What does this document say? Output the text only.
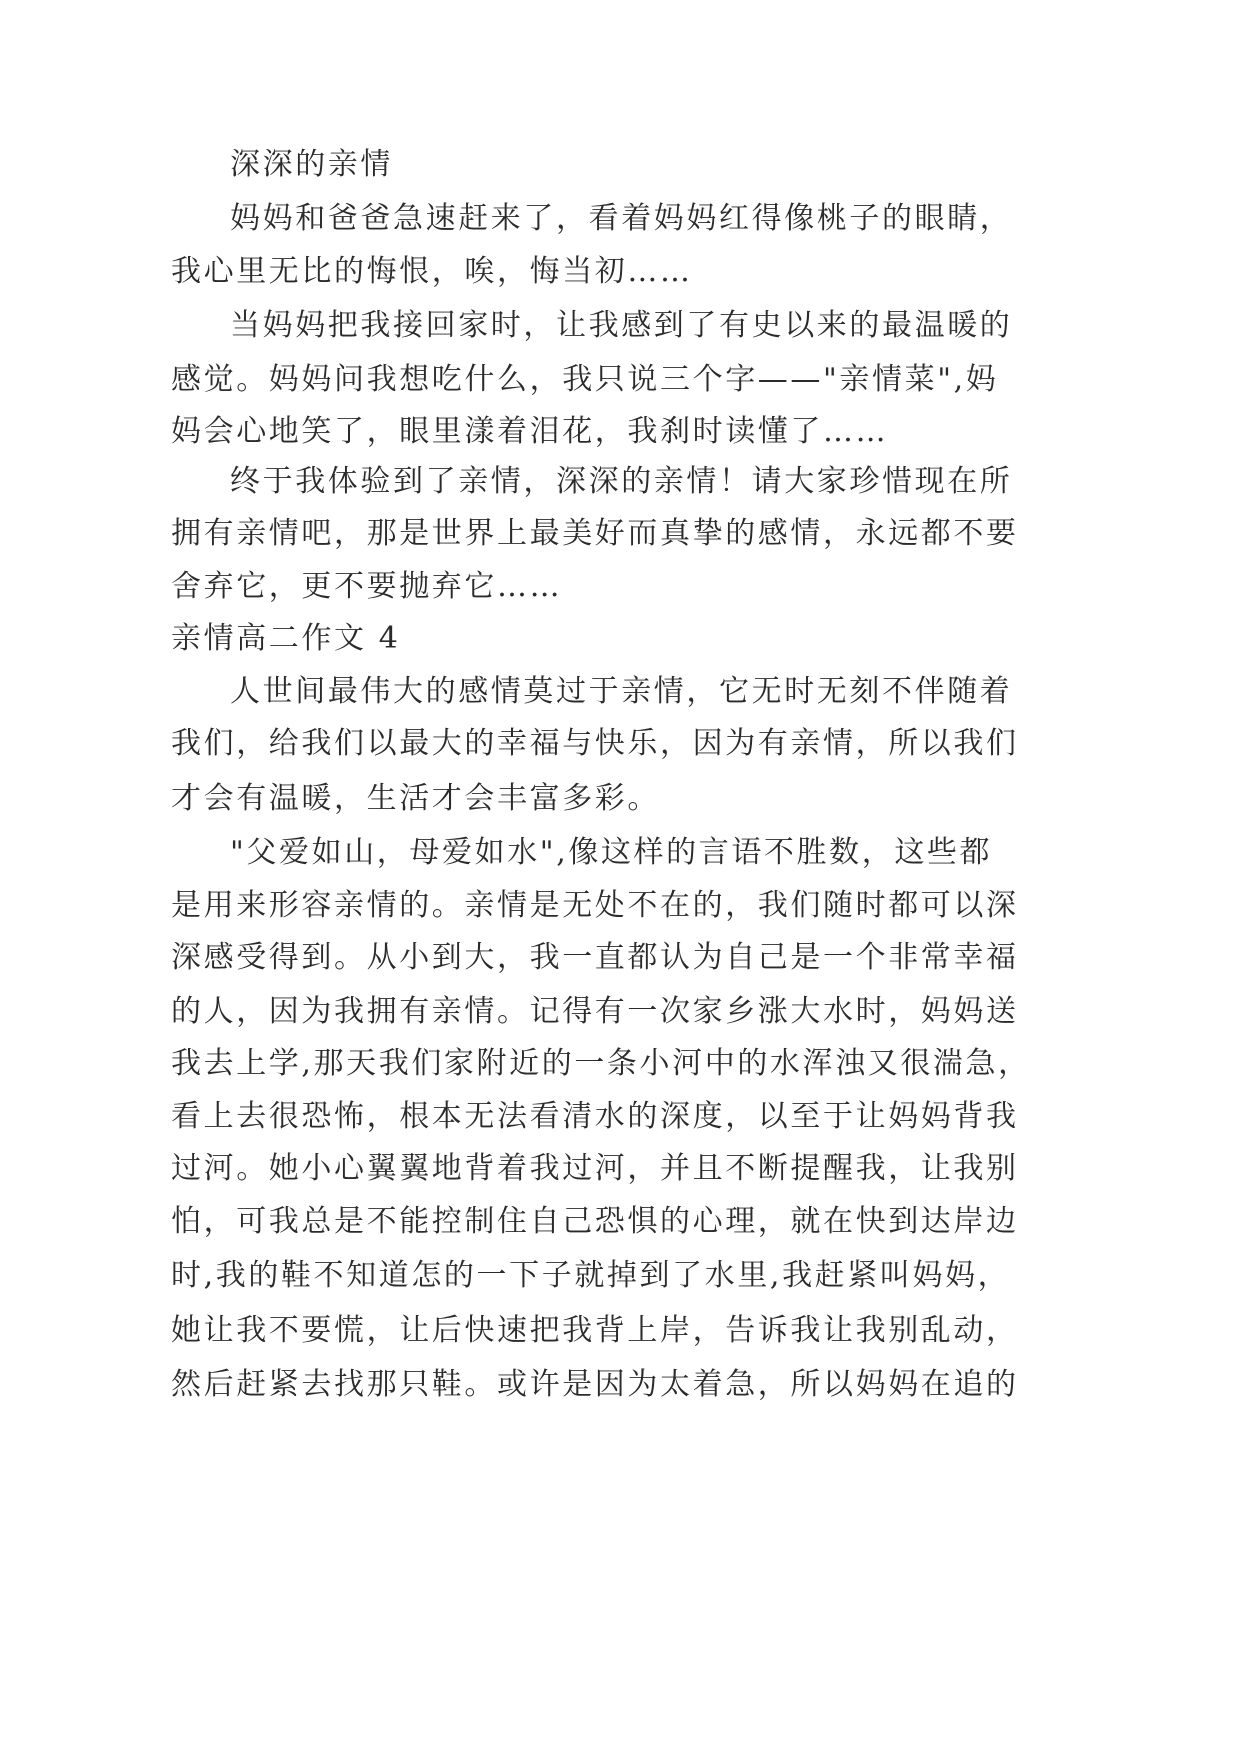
深深的亲情
妈妈和爸爸急速赶来了，看着妈妈红得像桃子的眼睛，
我心里无比的悔恨，唉，悔当初……
当妈妈把我接回家时，让我感到了有史以来的最温暖的
感觉。妈妈问我想吃什么，我只说三个字——"亲情菜",妈
妈会心地笑了，眼里漾着泪花，我刹时读懂了……
终于我体验到了亲情，深深的亲情！请大家珍惜现在所
拥有亲情吧，那是世界上最美好而真挚的感情，永远都不要
舍弃它，更不要抛弃它……
亲情高二作文 4
人世间最伟大的感情莫过于亲情，它无时无刻不伴随着
我们，给我们以最大的幸福与快乐，因为有亲情，所以我们
才会有温暖，生活才会丰富多彩。
"父爱如山，母爱如水",像这样的言语不胜数，这些都
是用来形容亲情的。亲情是无处不在的，我们随时都可以深
深感受得到。从小到大，我一直都认为自己是一个非常幸福
的人，因为我拥有亲情。记得有一次家乡涨大水时，妈妈送
我去上学,那天我们家附近的一条小河中的水浑浊又很湍急，
看上去很恐怖，根本无法看清水的深度，以至于让妈妈背我
过河。她小心翼翼地背着我过河，并且不断提醒我，让我别
怕，可我总是不能控制住自己恐惧的心理，就在快到达岸边
时,我的鞋不知道怎的一下子就掉到了水里,我赶紧叫妈妈，
她让我不要慌，让后快速把我背上岸，告诉我让我别乱动，
然后赶紧去找那只鞋。或许是因为太着急，所以妈妈在追的
